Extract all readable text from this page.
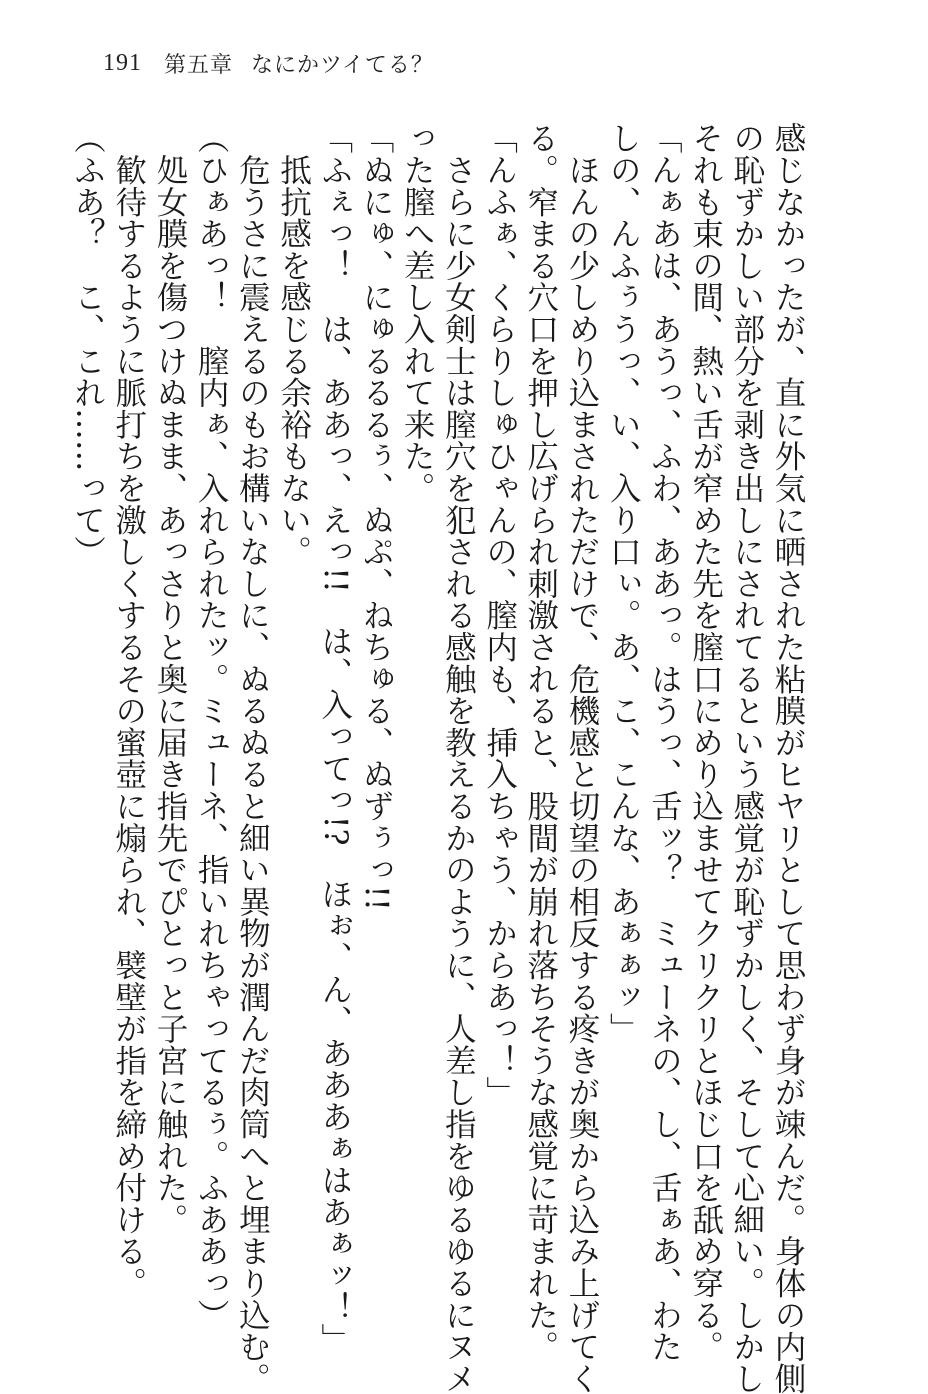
191 第五章 なにかツイてる？
感じなかったが、直に外気に晒された粘膜がヒヤリとして思わず身が竦んだ。身体の内側
の恥ずかしい部分を剥き出しにされてるという感覚が恥ずかしく、そして心細い。しかし
それも束の間、熱い舌が窄めた先を膣口にめり込ませてクリクリとほじ口を舐め穿る。
「んぁあは、あうっ、ふわ、ああっ。はうっ、舌ッ？　ミューネの、し、舌ぁあ、わた
しの、んふぅうっ、い、入り口ぃ。あ、こ、こんな、あぁぁッ」
　ほんの少しめり込まされただけで、危機感と切望の相反する疼きが奥から込み上げてく
る。窄まる穴口を押し広げられ刺激されると、股間が崩れ落ちそうな感覚に苛まれた。
「んふぁ、くらりしゅひゃんの、膣内も、挿入ちゃう、からあっ！」
　さらに少女剣士は膣穴を犯される感触を教えるかのように、人差し指をゆるゆるにヌメ
った膣へ差し入れて来た。
「ぬにゅ、にゅるるるぅ、ぬぷ、ねちゅる、ぬずぅっ!!
「ふぇっ！　は、ああっ、えっ!!　は、入ってっ!?　ほぉ、ん、あああぁはあぁッ！」
　抵抗感を感じる余裕もない。
　危うさに震えるのもお構いなしに、ぬるぬると細い異物が潤んだ肉筒へと埋まり込む。
（ひぁあっ！　膣内ぁ、入れられたッ。ミューネ、指いれちゃってるぅ。ふああっ）
　処女膜を傷つけぬまま、あっさりと奥に届き指先でぴとっと子宮に触れた。
　歓待するように脈打ちを激しくするその蜜壺に煽られ、襞壁が指を締め付ける。
（ふあ？　こ、これ……って）
